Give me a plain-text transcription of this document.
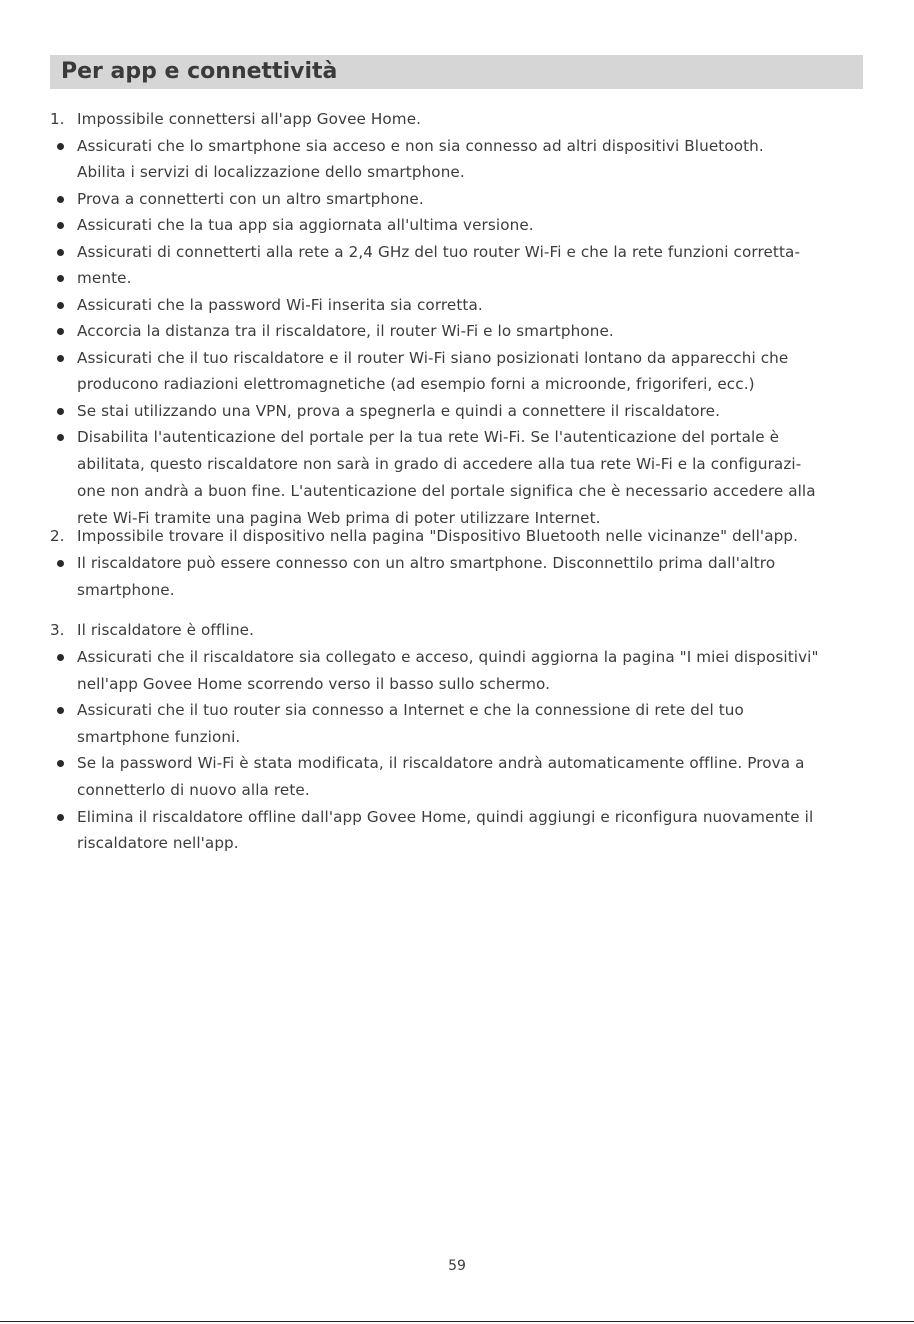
Per app e connettività
1. Impossibile connettersi all'app Govee Home.
Assicurati che lo smartphone sia acceso e non sia connesso ad altri dispositivi Bluetooth.
Abilita i servizi di localizzazione dello smartphone.
Prova a connetterti con un altro smartphone.
Assicurati che la tua app sia aggiornata all'ultima versione.
Assicurati di connetterti alla rete a 2,4 GHz del tuo router Wi-Fi e che la rete funzioni corretta-
mente.
Assicurati che la password Wi-Fi inserita sia corretta.
Accorcia la distanza tra il riscaldatore, il router Wi-Fi e lo smartphone.
Assicurati che il tuo riscaldatore e il router Wi-Fi siano posizionati lontano da apparecchi che
producono radiazioni elettromagnetiche (ad esempio forni a microonde, frigoriferi, ecc.)
Se stai utilizzando una VPN, prova a spegnerla e quindi a connettere il riscaldatore.
Disabilita l'autenticazione del portale per la tua rete Wi-Fi. Se l'autenticazione del portale è
abilitata, questo riscaldatore non sarà in grado di accedere alla tua rete Wi-Fi e la configurazi-
one non andrà a buon fine. L'autenticazione del portale significa che è necessario accedere alla
rete Wi-Fi tramite una pagina Web prima di poter utilizzare Internet.
2. Impossibile trovare il dispositivo nella pagina "Dispositivo Bluetooth nelle vicinanze" dell'app.
Il riscaldatore può essere connesso con un altro smartphone. Disconnettilo prima dall'altro
smartphone.
3. Il riscaldatore è offline.
Assicurati che il riscaldatore sia collegato e acceso, quindi aggiorna la pagina "I miei dispositivi"
nell'app Govee Home scorrendo verso il basso sullo schermo.
Assicurati che il tuo router sia connesso a Internet e che la connessione di rete del tuo
smartphone funzioni.
Se la password Wi-Fi è stata modificata, il riscaldatore andrà automaticamente offline. Prova a
connetterlo di nuovo alla rete.
Elimina il riscaldatore offline dall'app Govee Home, quindi aggiungi e riconfigura nuovamente il
riscaldatore nell'app.
59
